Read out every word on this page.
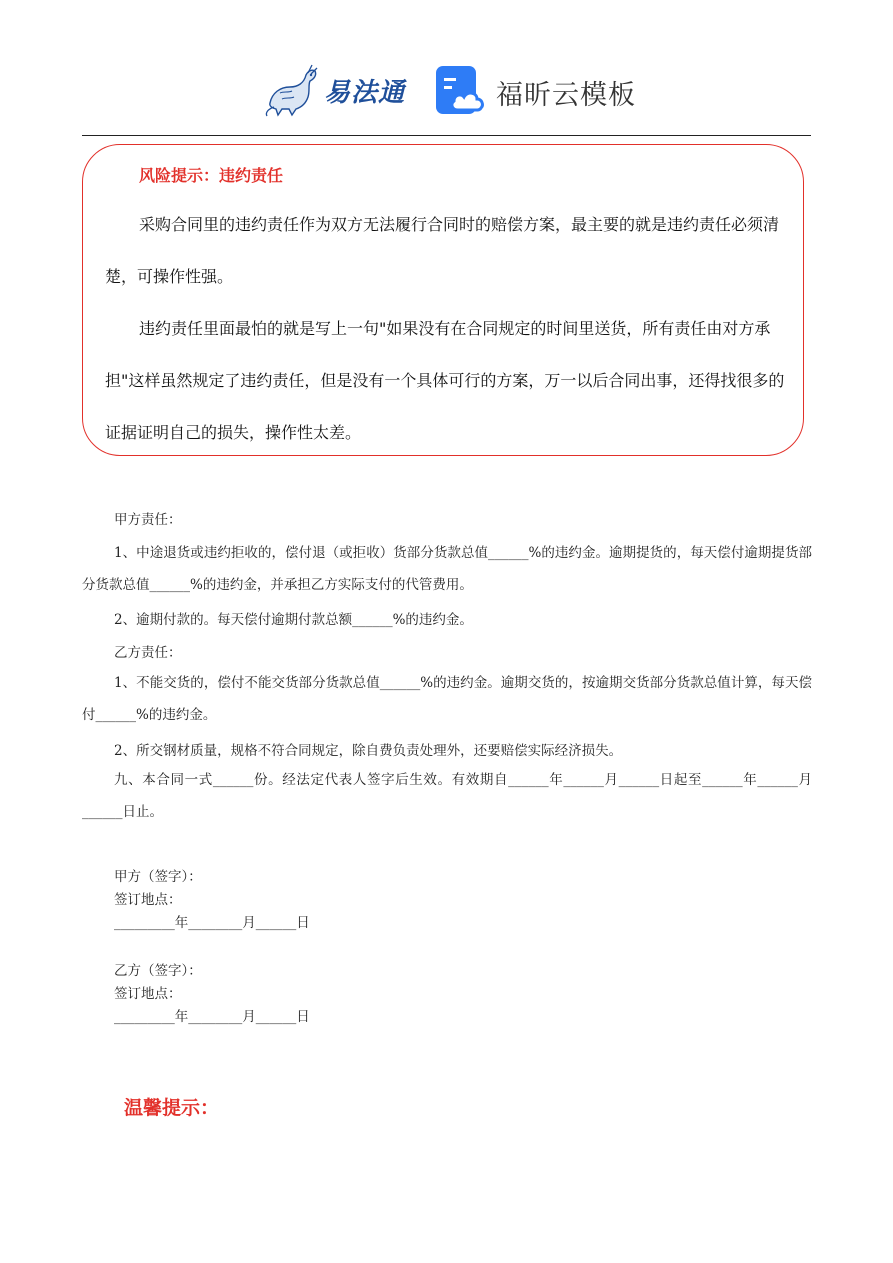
易法通	福昕云模板
风险提示：违约责任
采购合同里的违约责任作为双方无法履行合同时的赔偿方案，最主要的就是违约责任必须清楚，可操作性强。
违约责任里面最怕的就是写上一句"如果没有在合同规定的时间里送货，所有责任由对方承担"这样虽然规定了违约责任，但是没有一个具体可行的方案，万一以后合同出事，还得找很多的证据证明自己的损失，操作性太差。
甲方责任：
1、中途退货或违约拒收的，偿付退（或拒收）货部分货款总值______%的违约金。逾期提货的，每天偿付逾期提货部分货款总值______%的违约金，并承担乙方实际支付的代管费用。
2、逾期付款的。每天偿付逾期付款总额______%的违约金。
乙方责任：
1、不能交货的，偿付不能交货部分货款总值______%的违约金。逾期交货的，按逾期交货部分货款总值计算，每天偿付______%的违约金。
2、所交钢材质量，规格不符合同规定，除自费负责处理外，还要赔偿实际经济损失。
九、本合同一式______份。经法定代表人签字后生效。有效期自______年______月______日起至______年______月______日止。
甲方（签字）：
签订地点：
_________年________月______日
乙方（签字）：
签订地点：
_________年________月______日
温馨提示：
